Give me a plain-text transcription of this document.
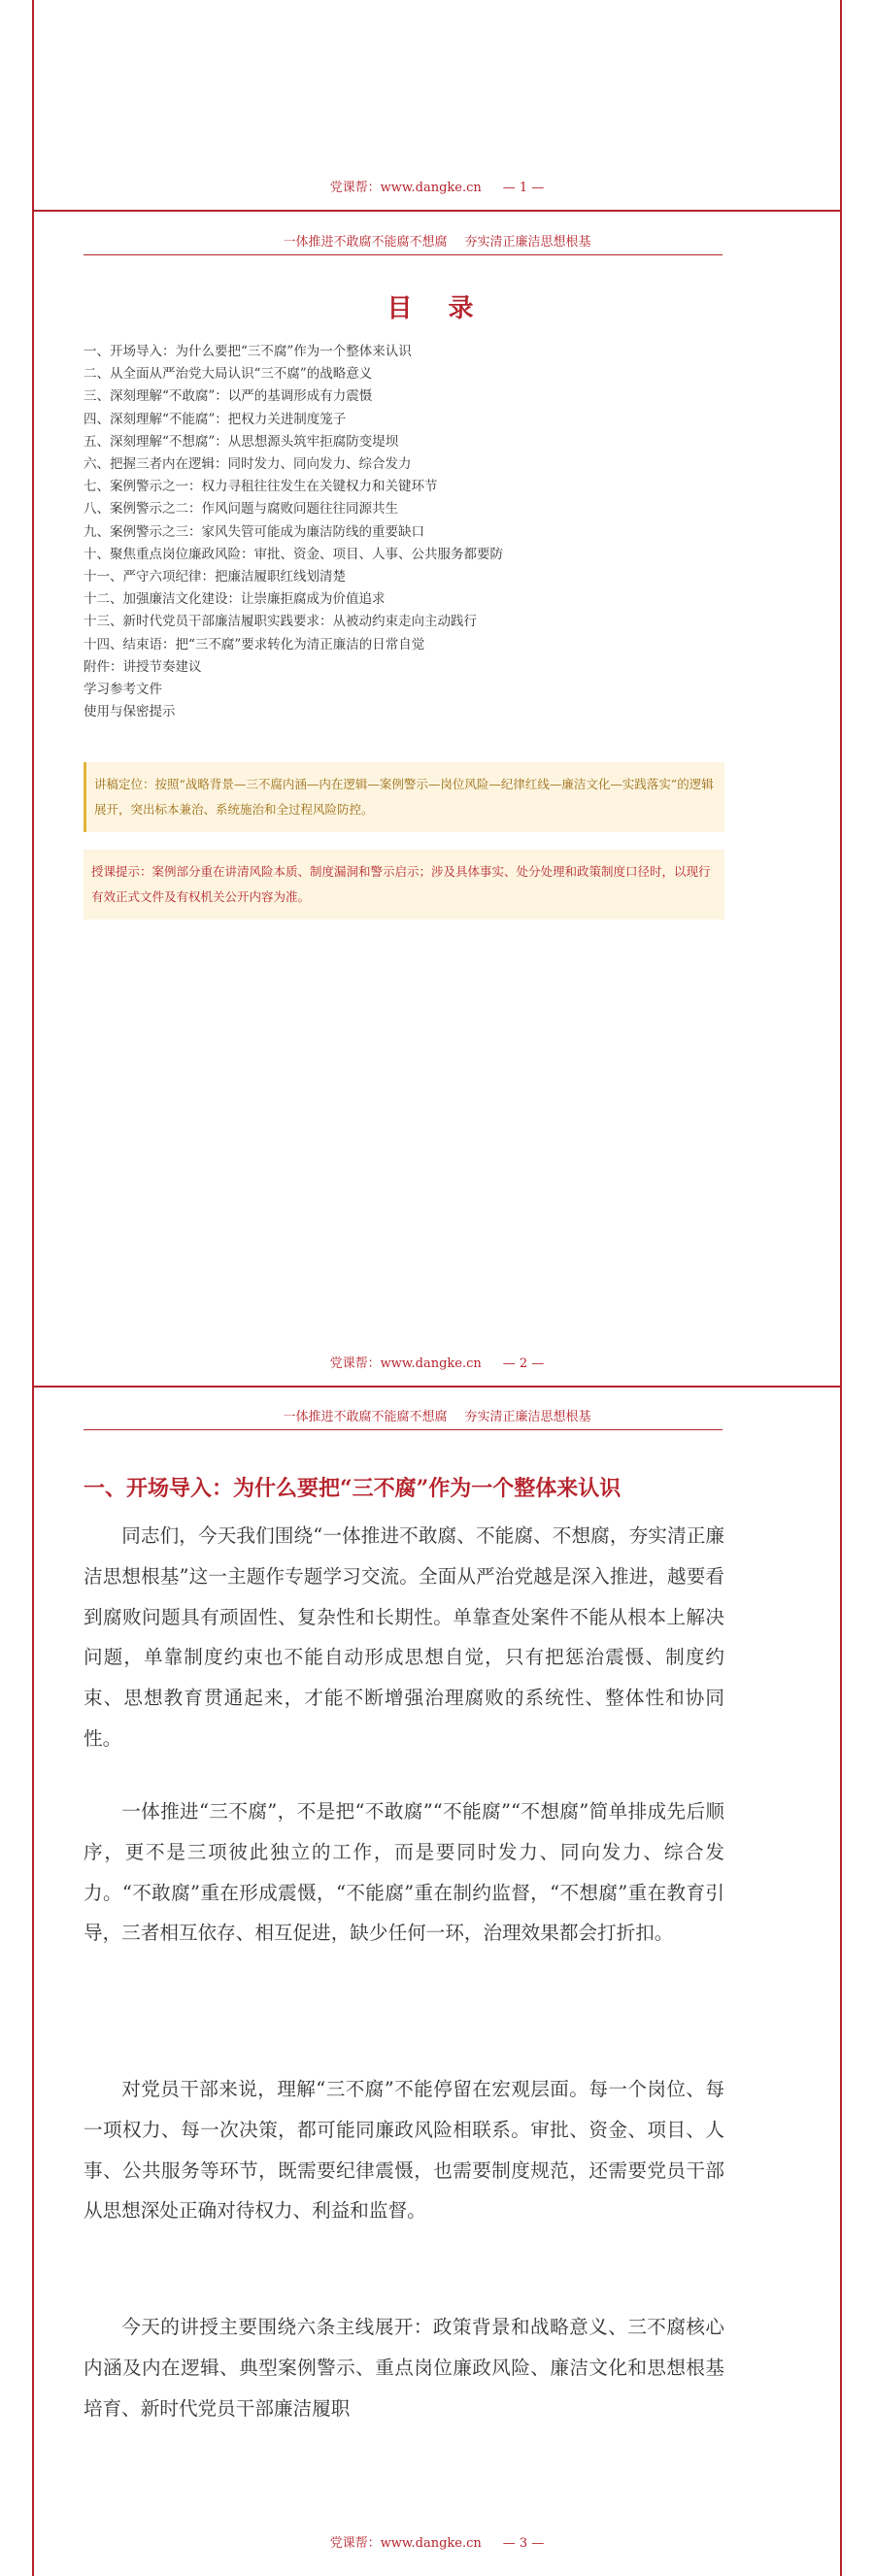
党课帮：www.dangke.cn — 1 —
一体推进不敢腐不能腐不想腐 夯实清正廉洁思想根基
目 录
一、开场导入：为什么要把“三不腐”作为一个整体来认识
二、从全面从严治党大局认识“三不腐”的战略意义
三、深刻理解“不敢腐”：以严的基调形成有力震慑
四、深刻理解“不能腐”：把权力关进制度笼子
五、深刻理解“不想腐”：从思想源头筑牢拒腐防变堤坝
六、把握三者内在逻辑：同时发力、同向发力、综合发力
七、案例警示之一：权力寻租往往发生在关键权力和关键环节
八、案例警示之二：作风问题与腐败问题往往同源共生
九、案例警示之三：家风失管可能成为廉洁防线的重要缺口
十、聚焦重点岗位廉政风险：审批、资金、项目、人事、公共服务都要防
十一、严守六项纪律：把廉洁履职红线划清楚
十二、加强廉洁文化建设：让崇廉拒腐成为价值追求
十三、新时代党员干部廉洁履职实践要求：从被动约束走向主动践行
十四、结束语：把“三不腐”要求转化为清正廉洁的日常自觉
附件：讲授节奏建议
学习参考文件
使用与保密提示
讲稿定位：按照“战略背景—三不腐内涵—内在逻辑—案例警示—岗位风险—纪律红线—廉洁文化—实践落实”的逻辑展开，突出标本兼治、系统施治和全过程风险防控。
授课提示：案例部分重在讲清风险本质、制度漏洞和警示启示；涉及具体事实、处分处理和政策制度口径时，以现行有效正式文件及有权机关公开内容为准。
党课帮：www.dangke.cn — 2 —
一体推进不敢腐不能腐不想腐 夯实清正廉洁思想根基
一、开场导入：为什么要把“三不腐”作为一个整体来认识

同志们，今天我们围绕“一体推进不敢腐、不能腐、不想腐，夯实清正廉洁思想根基”这一主题作专题学习交流。全面从严治党越是深入推进，越要看到腐败问题具有顽固性、复杂性和长期性。单靠查处案件不能从根本上解决问题，单靠制度约束也不能自动形成思想自觉，只有把惩治震慑、制度约束、思想教育贯通起来，才能不断增强治理腐败的系统性、整体性和协同性。

一体推进“三不腐”，不是把“不敢腐”“不能腐”“不想腐”简单排成先后顺序，更不是三项彼此独立的工作，而是要同时发力、同向发力、综合发力。“不敢腐”重在形成震慑，“不能腐”重在制约监督，“不想腐”重在教育引导，三者相互依存、相互促进，缺少任何一环，治理效果都会打折扣。

对党员干部来说，理解“三不腐”不能停留在宏观层面。每一个岗位、每一项权力、每一次决策，都可能同廉政风险相联系。审批、资金、项目、人事、公共服务等环节，既需要纪律震慑，也需要制度规范，还需要党员干部从思想深处正确对待权力、利益和监督。

今天的讲授主要围绕六条主线展开：政策背景和战略意义、三不腐核心内涵及内在逻辑、典型案例警示、重点岗位廉政风险、廉洁文化和思想根基培育、新时代党员干部廉洁履职

党课帮：www.dangke.cn — 3 —
